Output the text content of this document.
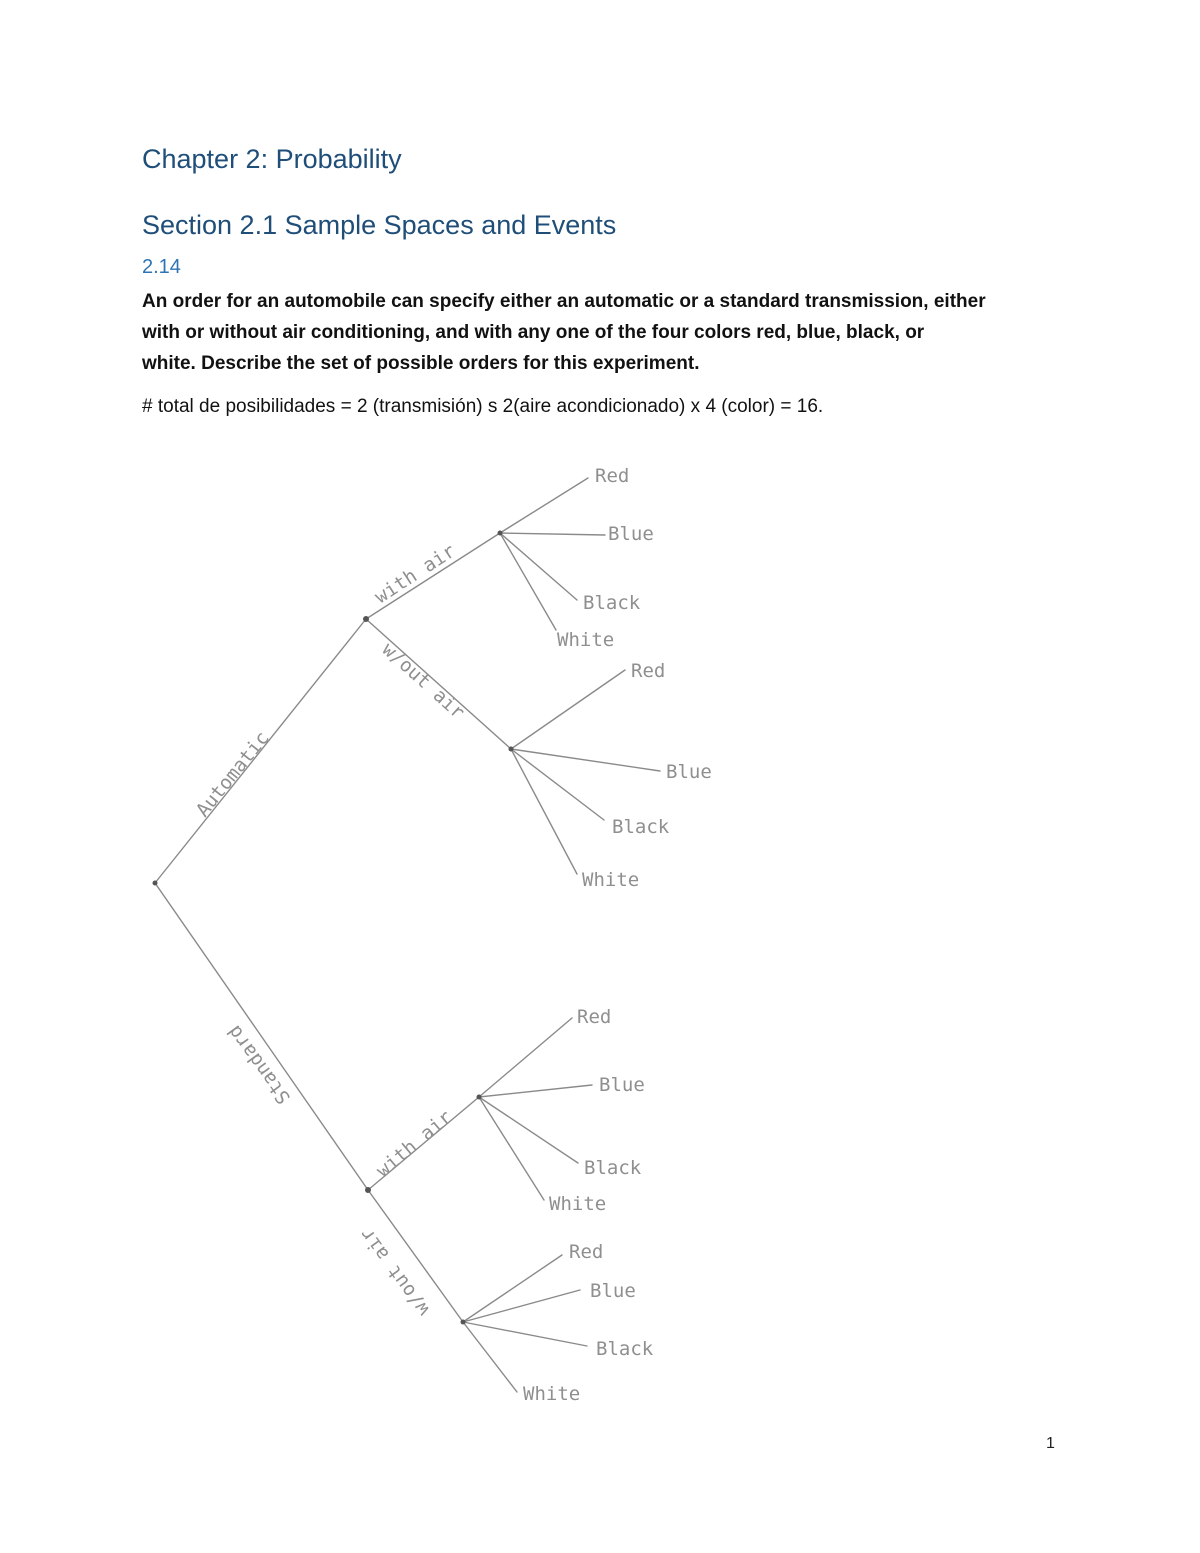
Chapter 2: Probability
Section 2.1 Sample Spaces and Events
2.14

An order for an automobile can specify either an automatic or a standard transmission, either
with or without air conditioning, and with any one of the four colors red, blue, black, or
white. Describe the set of possible orders for this experiment.

# total de posibilidades = 2 (transmisión) s 2(aire acondicionado) x 4 (color) = 16.

Automatic
Standard
with air
w/out air
with air
w/out air
Red
Blue
Black
White
Red
Blue
Black
White
Red
Blue
Black
White
Red
Blue
Black
White

1
